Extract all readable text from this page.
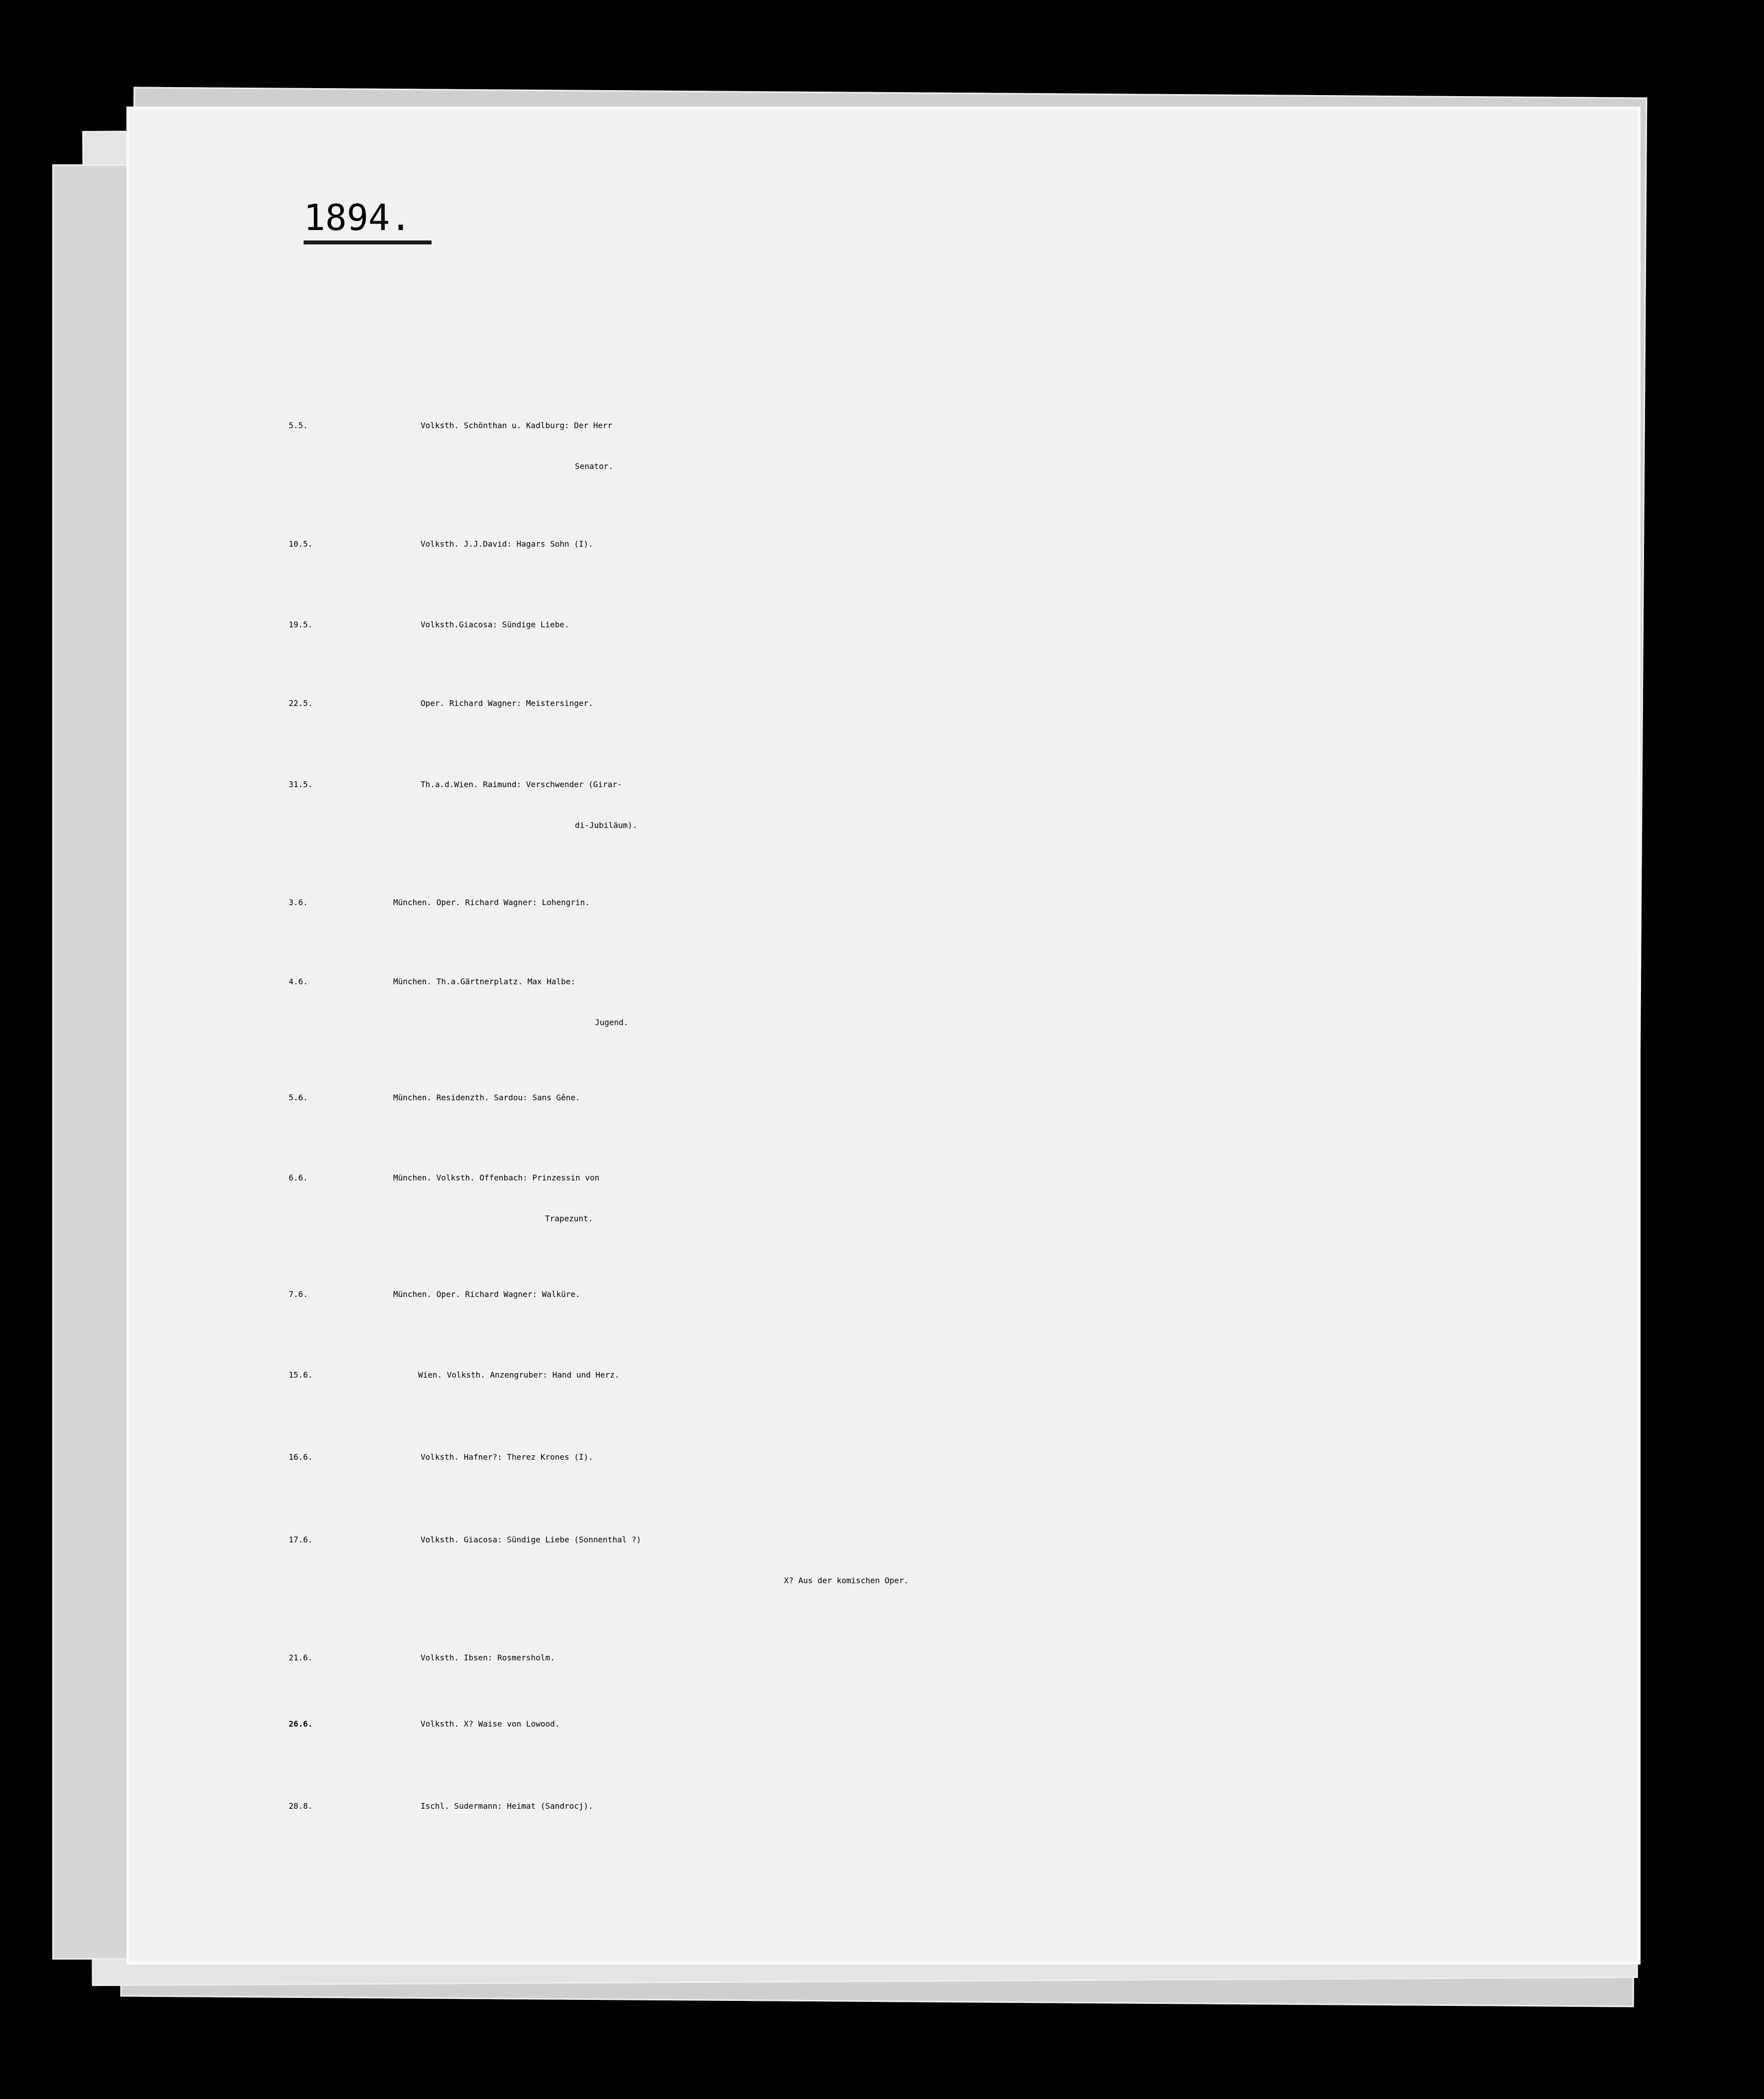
1894.
5.5.	Volksth. Schönthan u. Kadlburg: Der Herr
Senator.
10.5.	Volksth. J.J.David: Hagars Sohn (I).
19.5.	Volksth.Giacosa: Sündige Liebe.
22.5.	Oper. Richard Wagner: Meistersinger.
31.5.	Th.a.d.Wien. Raimund: Verschwender (Girar-
di-Jubiläum).
3.6.	München. Oper. Richard Wagner: Lohengrin.
4.6.	München. Th.a.Gärtnerplatz. Max Halbe:
Jugend.
5.6.	München. Residenzth. Sardou: Sans Gêne.
6.6.	München. Volksth. Offenbach: Prinzessin von
Trapezunt.
7.6.	München. Oper. Richard Wagner: Walküre.
15.6.	Wien. Volksth. Anzengruber: Hand und Herz.
16.6.	Volksth. Hafner?: Therez Krones (I).
17.6.	Volksth. Giacosa: Sündige Liebe (Sonnenthal ?)
X? Aus der komischen Oper.
21.6.	Volksth. Ibsen: Rosmersholm.
26.6.	Volksth. X? Waise von Lowood.
28.8.	Ischl. Sudermann: Heimat (Sandrocj).
